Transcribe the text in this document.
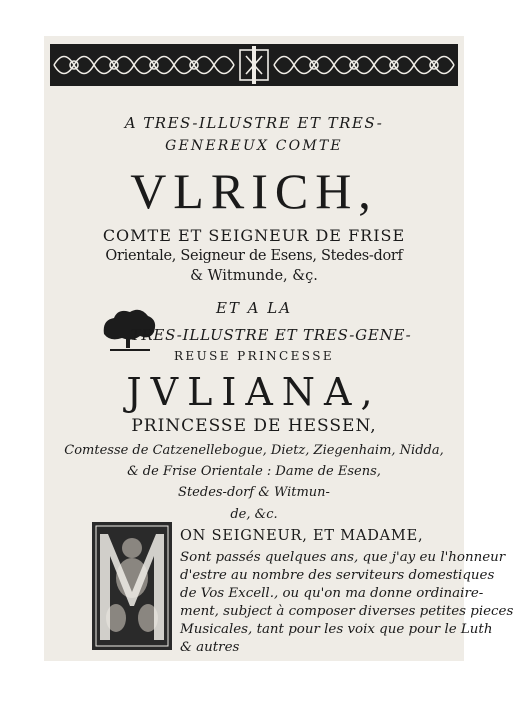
A TRES-ILLUSTRE ET TRES-
GENEREUX COMTE
VLRICH,
COMTE ET SEIGNEUR DE FRISE
Orientale, Seigneur de Esens, Stedes-dorf
& Witmunde, &ç.
ET A LA
TRES-ILLUSTRE ET TRES-GENE-
REUSE PRINCESSE
JVLIANA,
PRINCESSE DE HESSEN,
Comtesse de Catzenellebogue, Dietz, Ziegenhaim, Nidda,
& de Frise Orientale : Dame de Esens,
Stedes-dorf & Witmun-
de, &c.
ON SEIGNEUR, ET MADAME,
Sont passés quelques ans, que j'ay eu l'honneur
d'estre au nombre des serviteurs domestiques
de Vos Excell., ou qu'on ma donne ordinaire-
ment, subject à composer diverses petites pieces
Musicales, tant pour les voix que pour le Luth
& autres
